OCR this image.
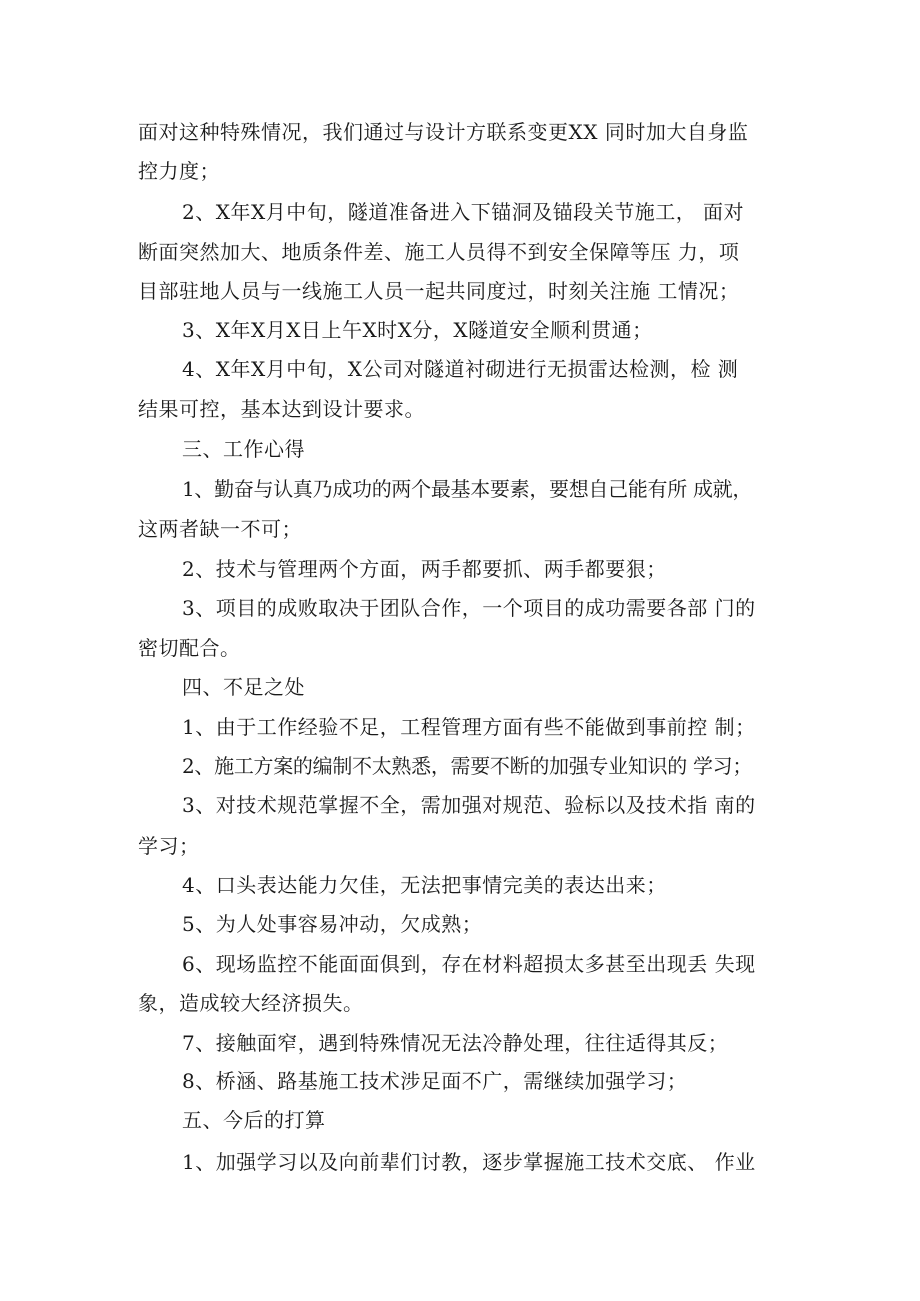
面对这种特殊情况，我们通过与设计方联系变更XX 同时加大自身监
控力度；
2、X年X月中旬，隧道准备进入下锚洞及锚段关节施工， 面对
断面突然加大、地质条件差、施工人员得不到安全保障等压 力，项
目部驻地人员与一线施工人员一起共同度过，时刻关注施 工情况；
3、X年X月X日上午X时X分，X隧道安全顺利贯通；
4、X年X月中旬，X公司对隧道衬砌进行无损雷达检测，检 测
结果可控，基本达到设计要求。
三、工作心得
1、勤奋与认真乃成功的两个最基本要素，要想自己能有所 成就，
这两者缺一不可；
2、技术与管理两个方面，两手都要抓、两手都要狠；
3、项目的成败取决于团队合作，一个项目的成功需要各部 门的
密切配合。
四、不足之处
1、由于工作经验不足，工程管理方面有些不能做到事前控 制；
2、施工方案的编制不太熟悉，需要不断的加强专业知识的 学习；
3、对技术规范掌握不全，需加强对规范、验标以及技术指 南的
学习；
4、口头表达能力欠佳，无法把事情完美的表达出来；
5、为人处事容易冲动，欠成熟；
6、现场监控不能面面俱到，存在材料超损太多甚至出现丢 失现
象，造成较大经济损失。
7、接触面窄，遇到特殊情况无法冷静处理，往往适得其反；
8、桥涵、路基施工技术涉足面不广，需继续加强学习；
五、今后的打算
1、加强学习以及向前辈们讨教，逐步掌握施工技术交底、 作业
